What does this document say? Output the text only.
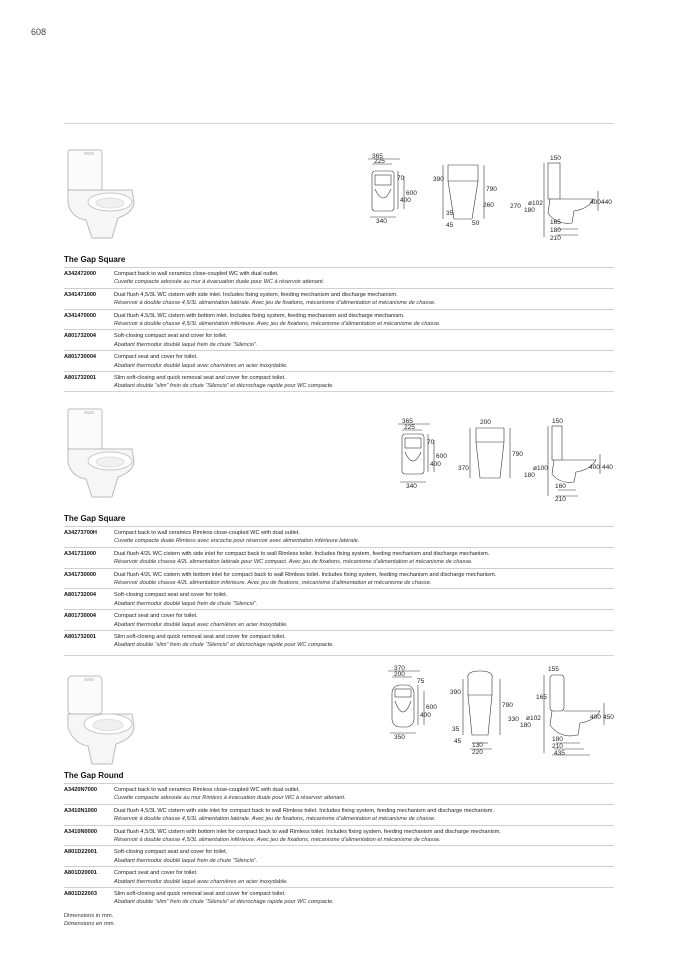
608
365
225
70
600
400
340
390
790
260
35
45	50
150
270 ø102
180
400 440
165
180
210
The Gap Square
A342472000	Compact back to wall ceramics close-coupled WC with dual outlet.
Cuvette compacte adossée au mur à évacuation duale pour WC à réservoir attenant.

A341471000	Dual flush 4,5/3L WC cistern with side inlet. Includes fixing system, feeding mechanism and discharge mechanism.
Réservoir à double chasse 4,5/3L alimentation latérale. Avec jeu de fixations, mécanisme d’alimentation et mécanisme de chasse.

A341470000	Dual flush 4,5/3L WC cistern with bottom inlet. Includes fixing system, feeding mechanism and discharge mechanism.
Réservoir à double chasse 4,5/3L alimentation inférieure. Avec jeu de fixations, mécanisme d’alimentation et mécanisme de chasse.

A801732004	Soft-closing compact seat and cover for toilet.
Abattant thermodur doublé laqué frein de chute “Silencio”.

A801730004	Compact seat and cover for toilet.
Abattant thermodur doublé laqué avec charnières en acier inoxydable.

A801732001	Slim soft-closing and quick removal seat and cover for compact toilet.
Abattant double “slim” frein de chute “Silencio” et décrochage rapide pour WC compacte.
365
225
70
600
400
340
200
370
790
150
ø100
180
400 440
160
210
The Gap Square
A34273700H	Compact back to wall ceramics Rimless close-coupled WC with dual outlet.
Cuvette compacte duale Rimless avec encoche pour réservoir avec alimentation inférieure latérale.

A341731000	Dual flush 4/2L WC cistern with side inlet for compact back to wall Rimless toilet. Includes fixing system, feeding mechanism and discharge mechanism.
Réservoir double chasse 4/2L alimentation latérale pour WC compact. Avec jeu de fixations, mécanisme d’alimentation et mécanisme de chasse.

A341730000	Dual flush 4/2L WC cistern with bottom inlet for compact back to wall Rimless toilet. Includes fixing system, feeding mechanism and discharge mechanism.
Réservoir double chasse 4/2L alimentation inférieure. Avec jeu de fixations, mécanisme d’alimentation et mécanisme de chasse.

A801732004	Soft-closing compact seat and cover for toilet.
Abattant thermodur doublé laqué frein de chute “Silencio”.

A801730004	Compact seat and cover for toilet.
Abattant thermodur doublé laqué avec charnières en acier inoxydable.

A801732001	Slim soft-closing and quick removal seat and cover for compact toilet.
Abattant double “slim” frein de chute “Silencio” et décrochage rapide pour WC compacte.
370
200
75
600
400
350
390
790
35
45
130
220
155
165
330 ø102
180
400 450
180
210
435
The Gap Round
A3420N7000	Compact back to wall ceramics Rimless close-coupled WC with dual outlet.
Cuvette compacte adossée au mur Rimless à évacuation duale pour WC à réservoir attenant.

A3410N1000	Dual flush 4,5/3L WC cistern with side inlet for compact back to wall Rimless toilet. Includes fixing system, feeding mechanism and discharge mechanism.
Réservoir à double chasse 4,5/3L alimentation latérale. Avec jeu de fixations, mécanisme d’alimentation et mécanisme de chasse.

A3410N0000	Dual flush 4,5/3L WC cistern with bottom inlet for compact back to wall Rimless toilet. Includes fixing system, feeding mechanism and discharge mechanism.
Réservoir à double chasse 4,5/3L alimentation inférieure. Avec jeu de fixations, mécanisme d’alimentation et mécanisme de chasse.

A801D22001	Soft-closing compact seat and cover for toilet.
Abattant thermodur doublé laqué frein de chute “Silencio”.

A801D20001	Compact seat and cover for toilet.
Abattant thermodur doublé laqué avec charnières en acier inoxydable.

A801D22003	Slim soft-closing and quick removal seat and cover for compact toilet.
Abattant double “slim” frein de chute “Silencio” et décrochage rapide pour WC compacte.
Dimensions in mm.
Dimensions en mm.
